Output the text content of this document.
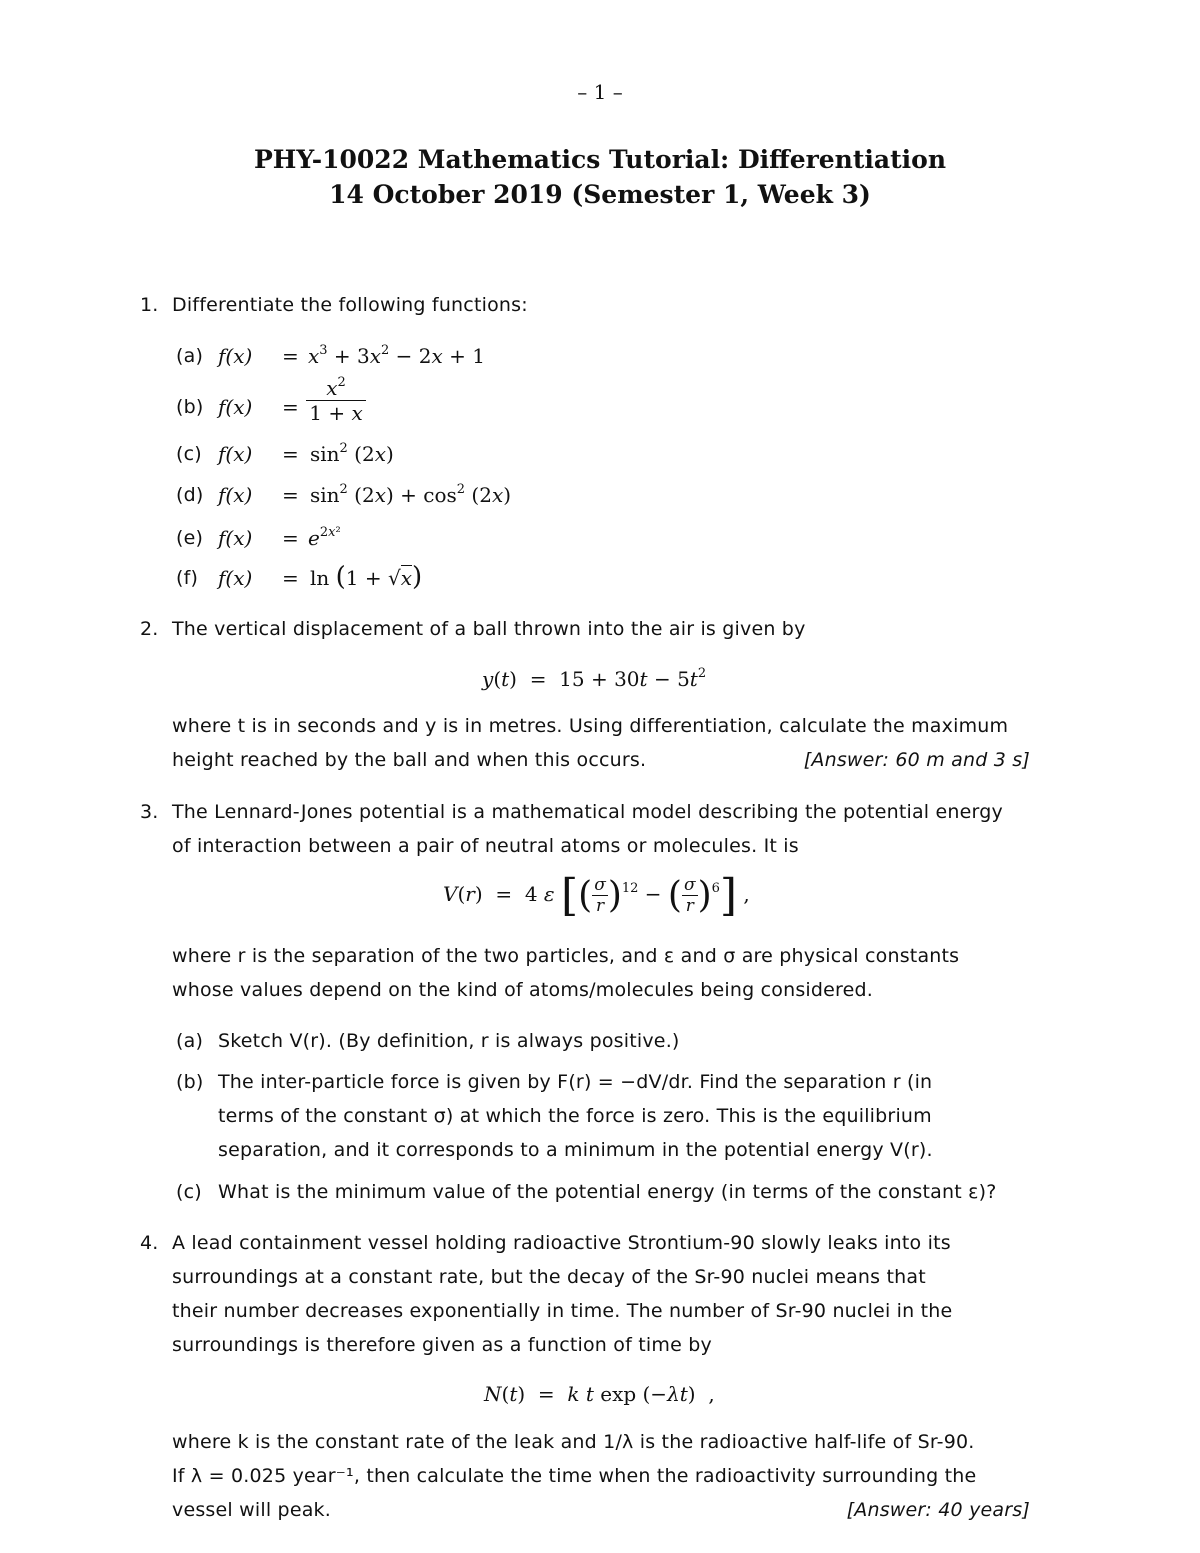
– 1 –
PHY-10022 Mathematics Tutorial: Differentiation
14 October 2019 (Semester 1, Week 3)
1. Differentiate the following functions:
(a) $f(x) = x^3 + 3x^2 - 2x + 1$
(b) $f(x) = \frac{x^2}{1 + x}$
(c) $f(x) = \sin^2 (2x)$
(d) $f(x) = \sin^2 (2x) + \cos^2 (2x)$
(e) $f(x) = e^{2x^2}$
(f) f(x) = ln (1 + √x)
2. The vertical displacement of a ball thrown into the air is given by
$y(t) = 15 + 30t - 5t^2$
where t is in seconds and y is in metres. Using differentiation, calculate the maximum
height reached by the ball and when this occurs.	[Answer: 60 m and 3 s]
3. The Lennard-Jones potential is a mathematical model describing the potential energy
of interaction between a pair of neutral atoms or molecules. It is
V(r)  =  4 ε [( $\frac{\sigma}{r} )^{12}$ − ( $\frac{\sigma}{r} )^6$] ,
where r is the separation of the two particles, and ε and σ are physical constants
whose values depend on the kind of atoms/molecules being considered.
(a) Sketch V(r). (By definition, r is always positive.)
(b) The inter-particle force is given by F(r) = −dV/dr. Find the separation r (in
terms of the constant σ) at which the force is zero. This is the equilibrium
separation, and it corresponds to a minimum in the potential energy V(r).
(c) What is the minimum value of the potential energy (in terms of the constant ε)?
4. A lead containment vessel holding radioactive Strontium-90 slowly leaks into its
surroundings at a constant rate, but the decay of the Sr-90 nuclei means that
their number decreases exponentially in time. The number of Sr-90 nuclei in the
surroundings is therefore given as a function of time by
N(t)  =  k t exp (−λt)  ,
where k is the constant rate of the leak and 1/λ is the radioactive half-life of Sr-90.
If λ = 0.025 year⁻¹, then calculate the time when the radioactivity surrounding the
vessel will peak.	[Answer: 40 years]
